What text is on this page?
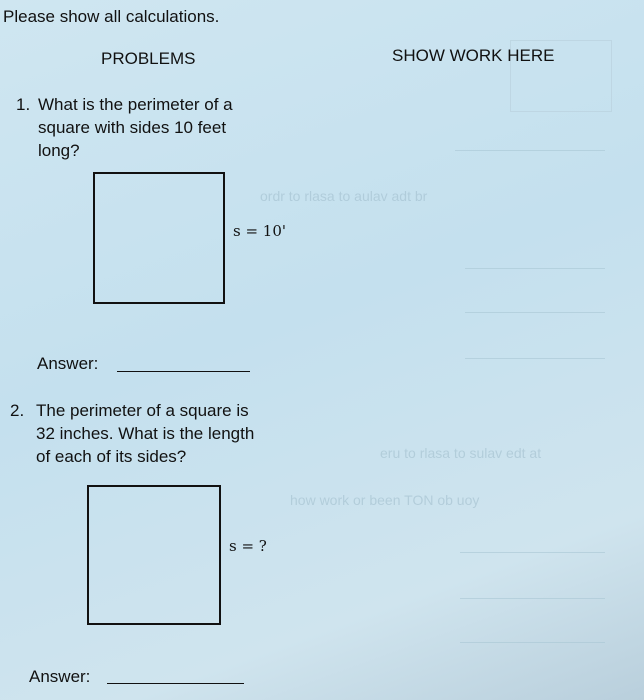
ordr to rlasa to aulav adt br
eru to rlasa to sulav edt at
how work or been TON ob uoy
Please show all calculations.
PROBLEMS	SHOW WORK HERE
1. What is the perimeter of a
square with sides 10 feet
long?
s = 10'
Answer:
2. The perimeter of a square is
32 inches. What is the length
of each of its sides?
s = ?
Answer:
